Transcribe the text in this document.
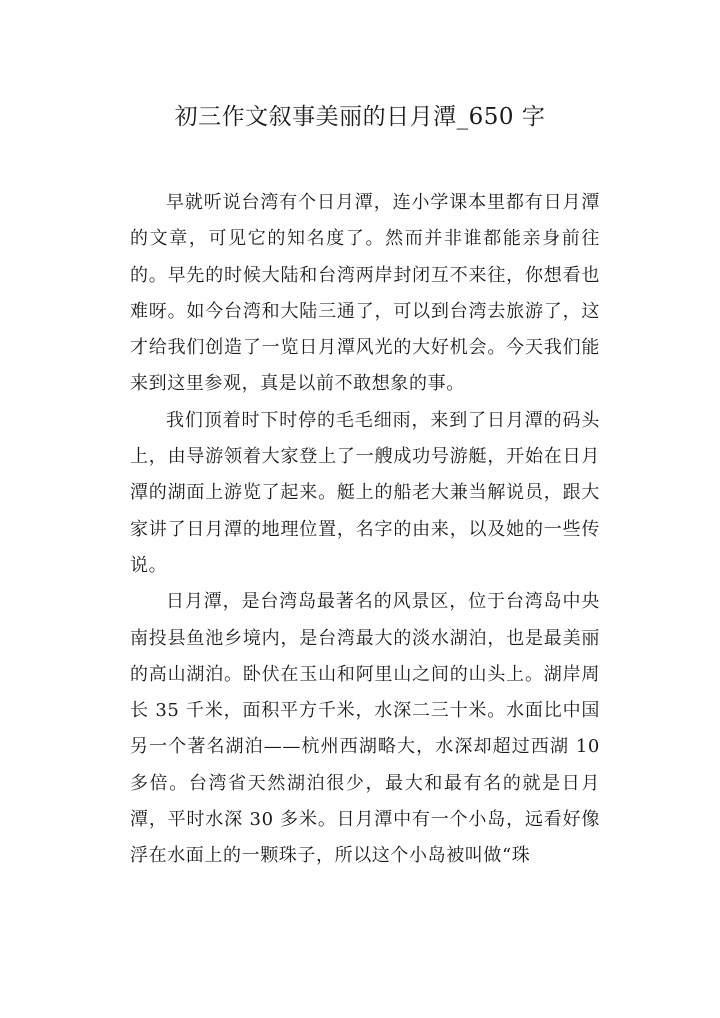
初三作文叙事美丽的日月潭_650 字

早就听说台湾有个日月潭，连小学课本里都有日月潭的文章，可见它的知名度了。然而并非谁都能亲身前往的。早先的时候大陆和台湾两岸封闭互不来往，你想看也难呀。如今台湾和大陆三通了，可以到台湾去旅游了，这才给我们创造了一览日月潭风光的大好机会。今天我们能来到这里参观，真是以前不敢想象的事。

我们顶着时下时停的毛毛细雨，来到了日月潭的码头上，由导游领着大家登上了一艘成功号游艇，开始在日月潭的湖面上游览了起来。艇上的船老大兼当解说员，跟大家讲了日月潭的地理位置，名字的由来，以及她的一些传说。

日月潭，是台湾岛最著名的风景区，位于台湾岛中央南投县鱼池乡境内，是台湾最大的淡水湖泊，也是最美丽的高山湖泊。卧伏在玉山和阿里山之间的山头上。湖岸周长 35 千米，面积平方千米，水深二三十米。水面比中国另一个著名湖泊——杭州西湖略大，水深却超过西湖 10 多倍。台湾省天然湖泊很少，最大和最有名的就是日月潭，平时水深 30 多米。日月潭中有一个小岛，远看好像浮在水面上的一颗珠子，所以这个小岛被叫做“珠
